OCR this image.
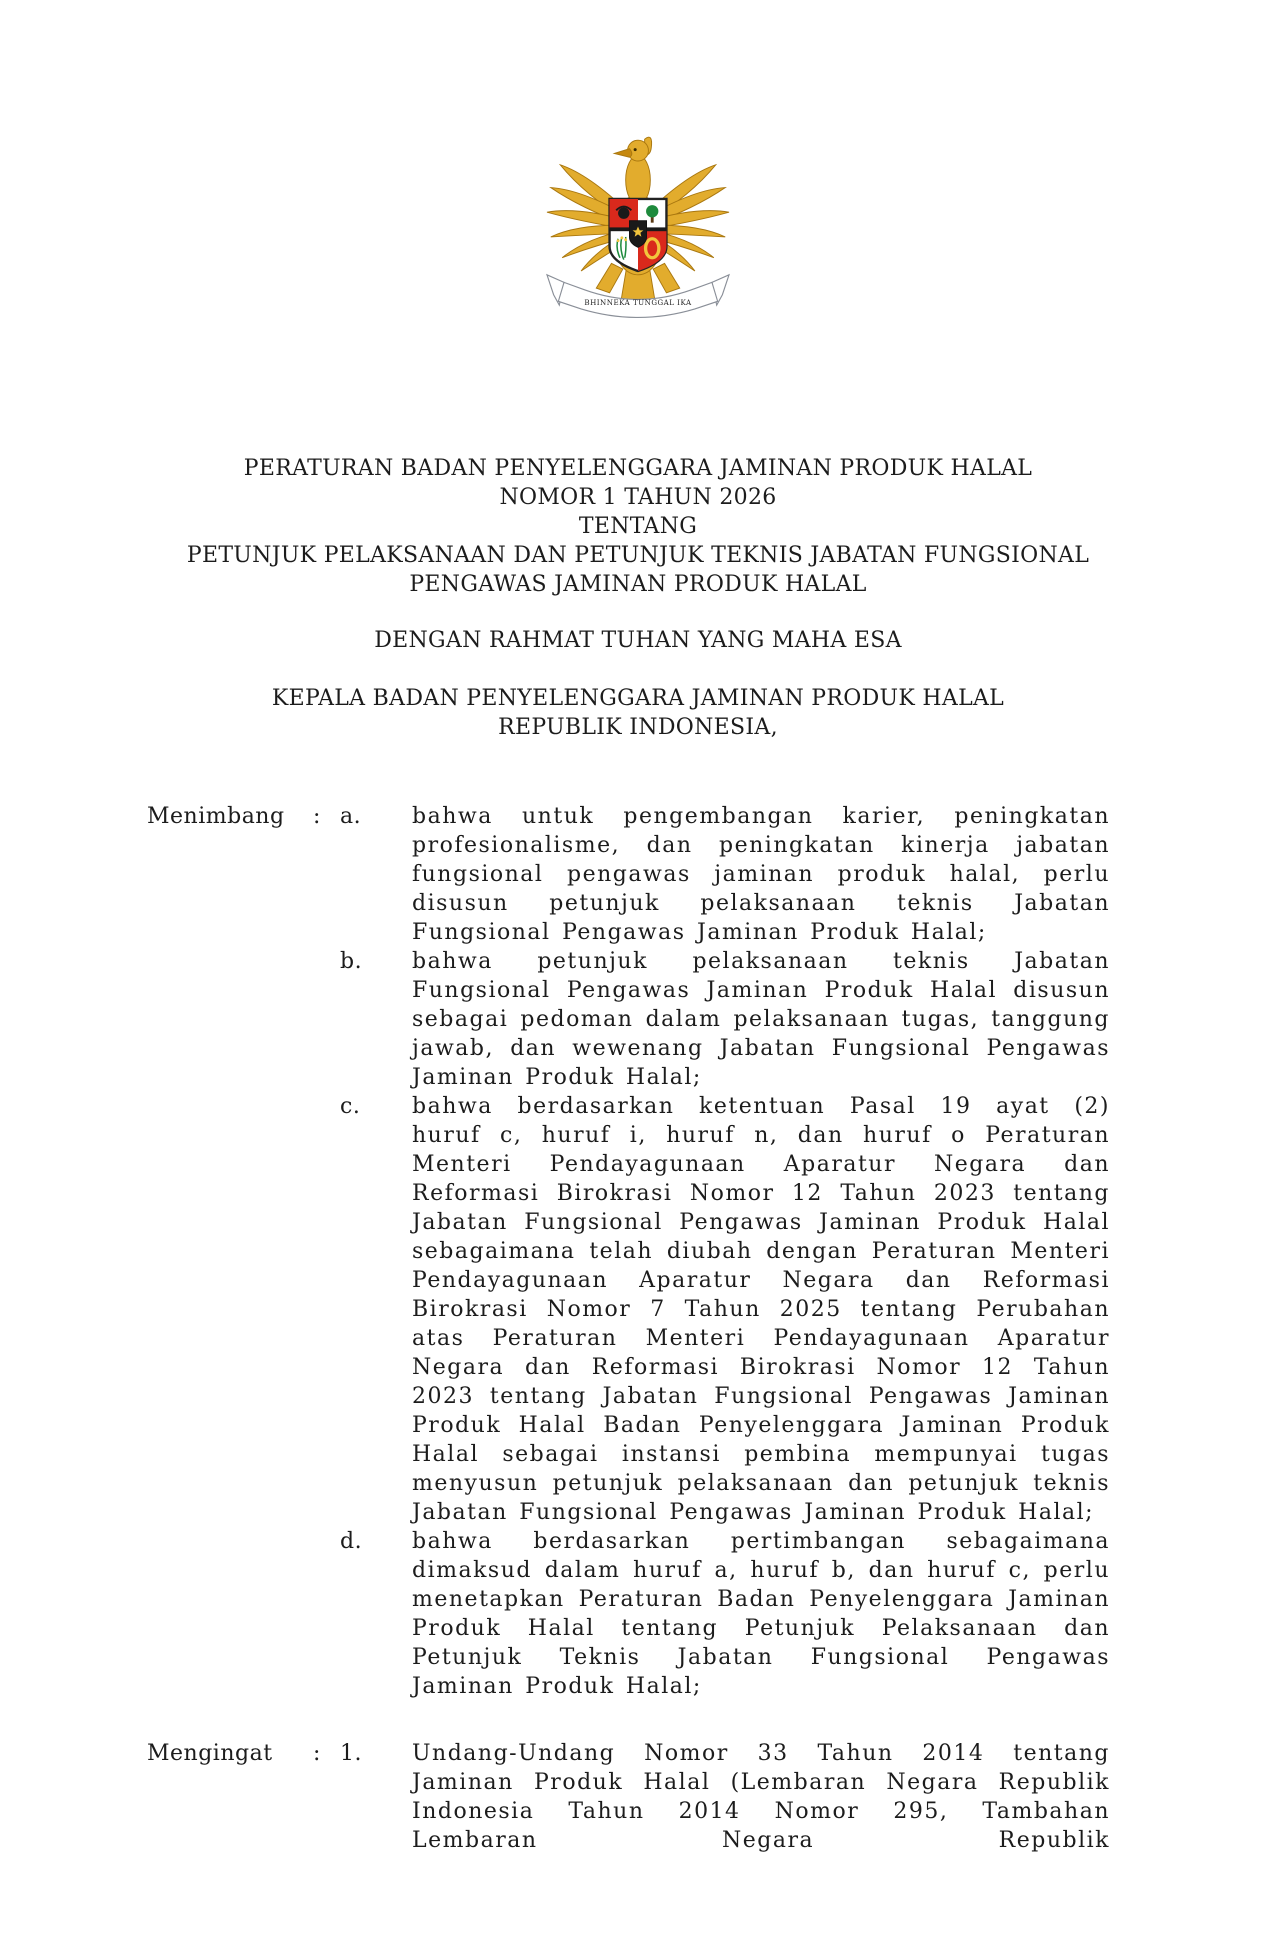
BHINNEKA TUNGGAL IKA
PERATURAN BADAN PENYELENGGARA JAMINAN PRODUK HALAL
NOMOR 1 TAHUN 2026
TENTANG
PETUNJUK PELAKSANAAN DAN PETUNJUK TEKNIS JABATAN FUNGSIONAL
PENGAWAS JAMINAN PRODUK HALAL
DENGAN RAHMAT TUHAN YANG MAHA ESA
KEPALA BADAN PENYELENGGARA JAMINAN PRODUK HALAL
REPUBLIK INDONESIA,
Menimbang : a.	bahwa untuk pengembangan karier, peningkatan profesionalisme, dan peningkatan kinerja jabatan fungsional pengawas jaminan produk halal, perlu disusun petunjuk pelaksanaan teknis Jabatan Fungsional Pengawas Jaminan Produk Halal;
b.	bahwa petunjuk pelaksanaan teknis Jabatan Fungsional Pengawas Jaminan Produk Halal disusun sebagai pedoman dalam pelaksanaan tugas, tanggung jawab, dan wewenang Jabatan Fungsional Pengawas Jaminan Produk Halal;
c.	bahwa berdasarkan ketentuan Pasal 19 ayat (2) huruf c, huruf i, huruf n, dan huruf o Peraturan Menteri Pendayagunaan Aparatur Negara dan Reformasi Birokrasi Nomor 12 Tahun 2023 tentang Jabatan Fungsional Pengawas Jaminan Produk Halal sebagaimana telah diubah dengan Peraturan Menteri Pendayagunaan Aparatur Negara dan Reformasi Birokrasi Nomor 7 Tahun 2025 tentang Perubahan atas Peraturan Menteri Pendayagunaan Aparatur Negara dan Reformasi Birokrasi Nomor 12 Tahun 2023 tentang Jabatan Fungsional Pengawas Jaminan Produk Halal Badan Penyelenggara Jaminan Produk Halal sebagai instansi pembina mempunyai tugas menyusun petunjuk pelaksanaan dan petunjuk teknis Jabatan Fungsional Pengawas Jaminan Produk Halal;
d.	bahwa berdasarkan pertimbangan sebagaimana dimaksud dalam huruf a, huruf b, dan huruf c, perlu menetapkan Peraturan Badan Penyelenggara Jaminan Produk Halal tentang Petunjuk Pelaksanaan dan Petunjuk Teknis Jabatan Fungsional Pengawas Jaminan Produk Halal;
Mengingat : 1.	Undang-Undang Nomor 33 Tahun 2014 tentang Jaminan Produk Halal (Lembaran Negara Republik Indonesia Tahun 2014 Nomor 295, Tambahan Lembaran Negara Republik
